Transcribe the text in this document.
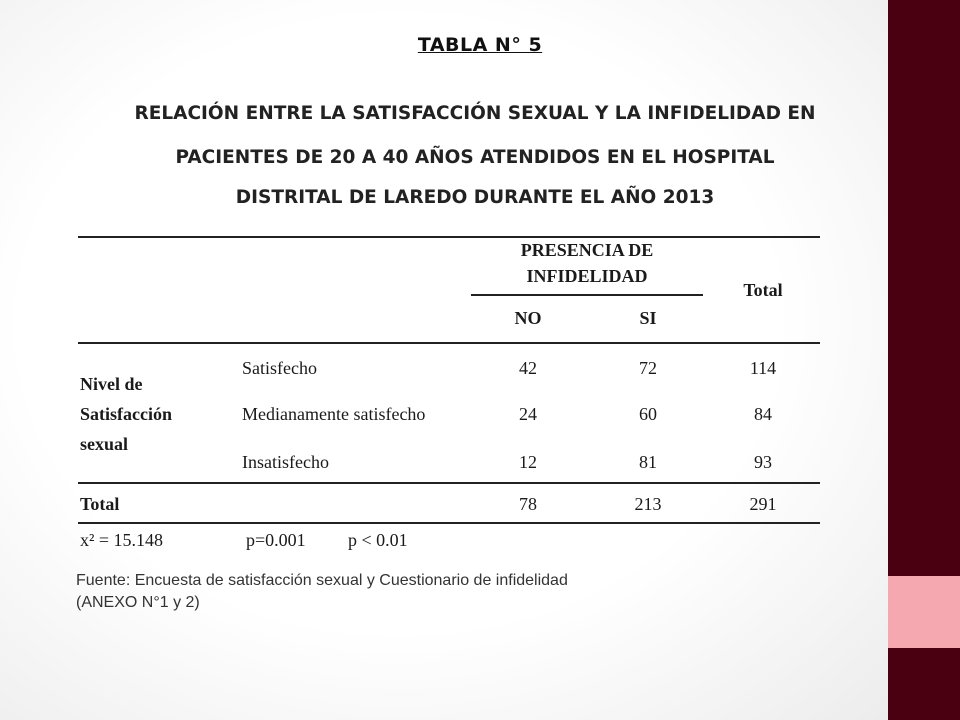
TABLA N° 5
RELACIÓN ENTRE LA SATISFACCIÓN SEXUAL Y LA INFIDELIDAD EN
PACIENTES DE 20 A 40 AÑOS ATENDIDOS EN EL HOSPITAL
DISTRITAL DE LAREDO DURANTE EL AÑO 2013
PRESENCIA DE
INFIDELIDAD
Total
NO	SI
Nivel de
Satisfacción
sexual
Satisfecho	42	72	114
Medianamente satisfecho	24	60	84
Insatisfecho	12	81	93
Total	78	213	291
x² = 15.148	p=0.001 p < 0.01
Fuente: Encuesta de satisfacción sexual y Cuestionario de infidelidad
(ANEXO N°1 y 2)
